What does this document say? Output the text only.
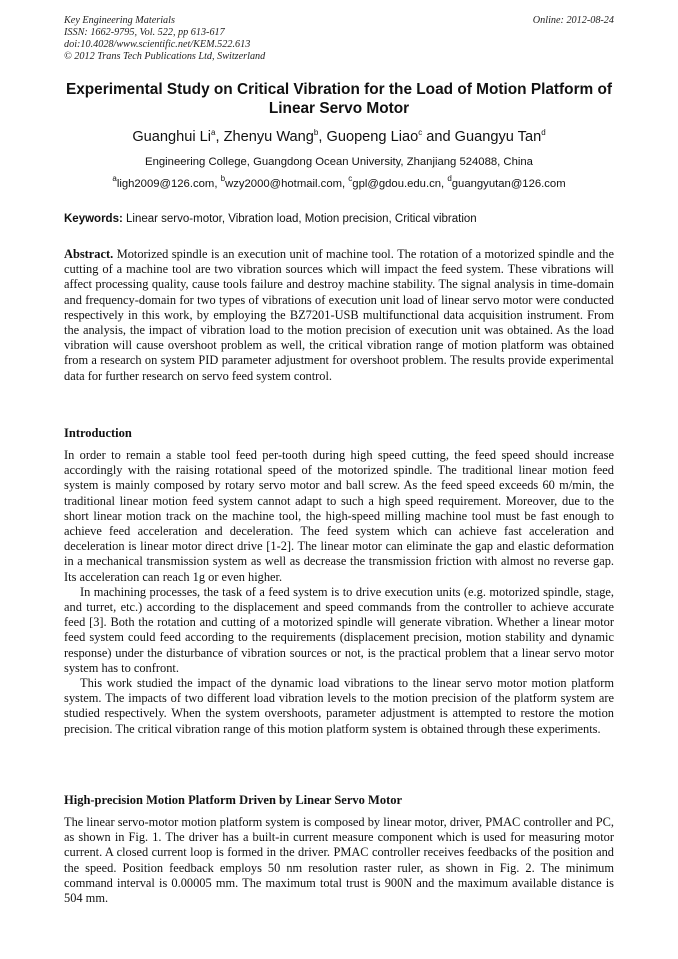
Key Engineering Materials
ISSN: 1662-9795, Vol. 522, pp 613-617
doi:10.4028/www.scientific.net/KEM.522.613
© 2012 Trans Tech Publications Ltd, Switzerland
Online: 2012-08-24
Experimental Study on Critical Vibration for the Load of Motion Platform of Linear Servo Motor
Guanghui Li$^a$, Zhenyu Wang$^b$, Guopeng Liao$^c$ and Guangyu Tan$^d$
Engineering College, Guangdong Ocean University, Zhanjiang 524088, China
$^a$ligh2009@126.com, $^b$wzy2000@hotmail.com, $^c$gpl@gdou.edu.cn, $^d$guangyutan@126.com
Keywords: Linear servo-motor, Vibration load, Motion precision, Critical vibration
Abstract. Motorized spindle is an execution unit of machine tool. The rotation of a motorized spindle and the cutting of a machine tool are two vibration sources which will impact the feed system. These vibrations will affect processing quality, cause tools failure and destroy machine stability. The signal analysis in time-domain and frequency-domain for two types of vibrations of execution unit load of linear servo motor were conducted respectively in this work, by employing the BZ7201-USB multifunctional data acquisition instrument. From the analysis, the impact of vibration load to the motion precision of execution unit was obtained. As the load vibration will cause overshoot problem as well, the critical vibration range of motion platform was obtained from a research on system PID parameter adjustment for overshoot problem. The results provide experimental data for further research on servo feed system control.
Introduction

In order to remain a stable tool feed per-tooth during high speed cutting, the feed speed should increase accordingly with the raising rotational speed of the motorized spindle. The traditional linear motion feed system is mainly composed by rotary servo motor and ball screw. As the feed speed exceeds 60 m/min, the traditional linear motion feed system cannot adapt to such a high speed requirement. Moreover, due to the short linear motion track on the machine tool, the high-speed milling machine tool must be fast enough to achieve feed acceleration and deceleration. The feed system which can achieve fast acceleration and deceleration is linear motor direct drive [1-2]. The linear motor can eliminate the gap and elastic deformation in a mechanical transmission system as well as decrease the transmission friction with almost no reverse gap. Its acceleration can reach 1g or even higher.

In machining processes, the task of a feed system is to drive execution units (e.g. motorized spindle, stage, and turret, etc.) according to the displacement and speed commands from the controller to achieve accurate feed [3]. Both the rotation and cutting of a motorized spindle will generate vibration. Whether a linear motor feed system could feed according to the requirements (displacement precision, motion stability and dynamic response) under the disturbance of vibration sources or not, is the practical problem that a linear servo motor system has to confront.

This work studied the impact of the dynamic load vibrations to the linear servo motor motion platform system. The impacts of two different load vibration levels to the motion precision of the platform system are studied respectively. When the system overshoots, parameter adjustment is attempted to restore the motion precision. The critical vibration range of this motion platform system is obtained through these experiments.

High-precision Motion Platform Driven by Linear Servo Motor

The linear servo-motor motion platform system is composed by linear motor, driver, PMAC controller and PC, as shown in Fig. 1. The driver has a built-in current measure component which is used for measuring motor current. A closed current loop is formed in the driver. PMAC controller receives feedbacks of the position and the speed. Position feedback employs 50 nm resolution raster ruler, as shown in Fig. 2. The minimum command interval is 0.00005 mm. The maximum total trust is 900N and the maximum available distance is 504 mm.
